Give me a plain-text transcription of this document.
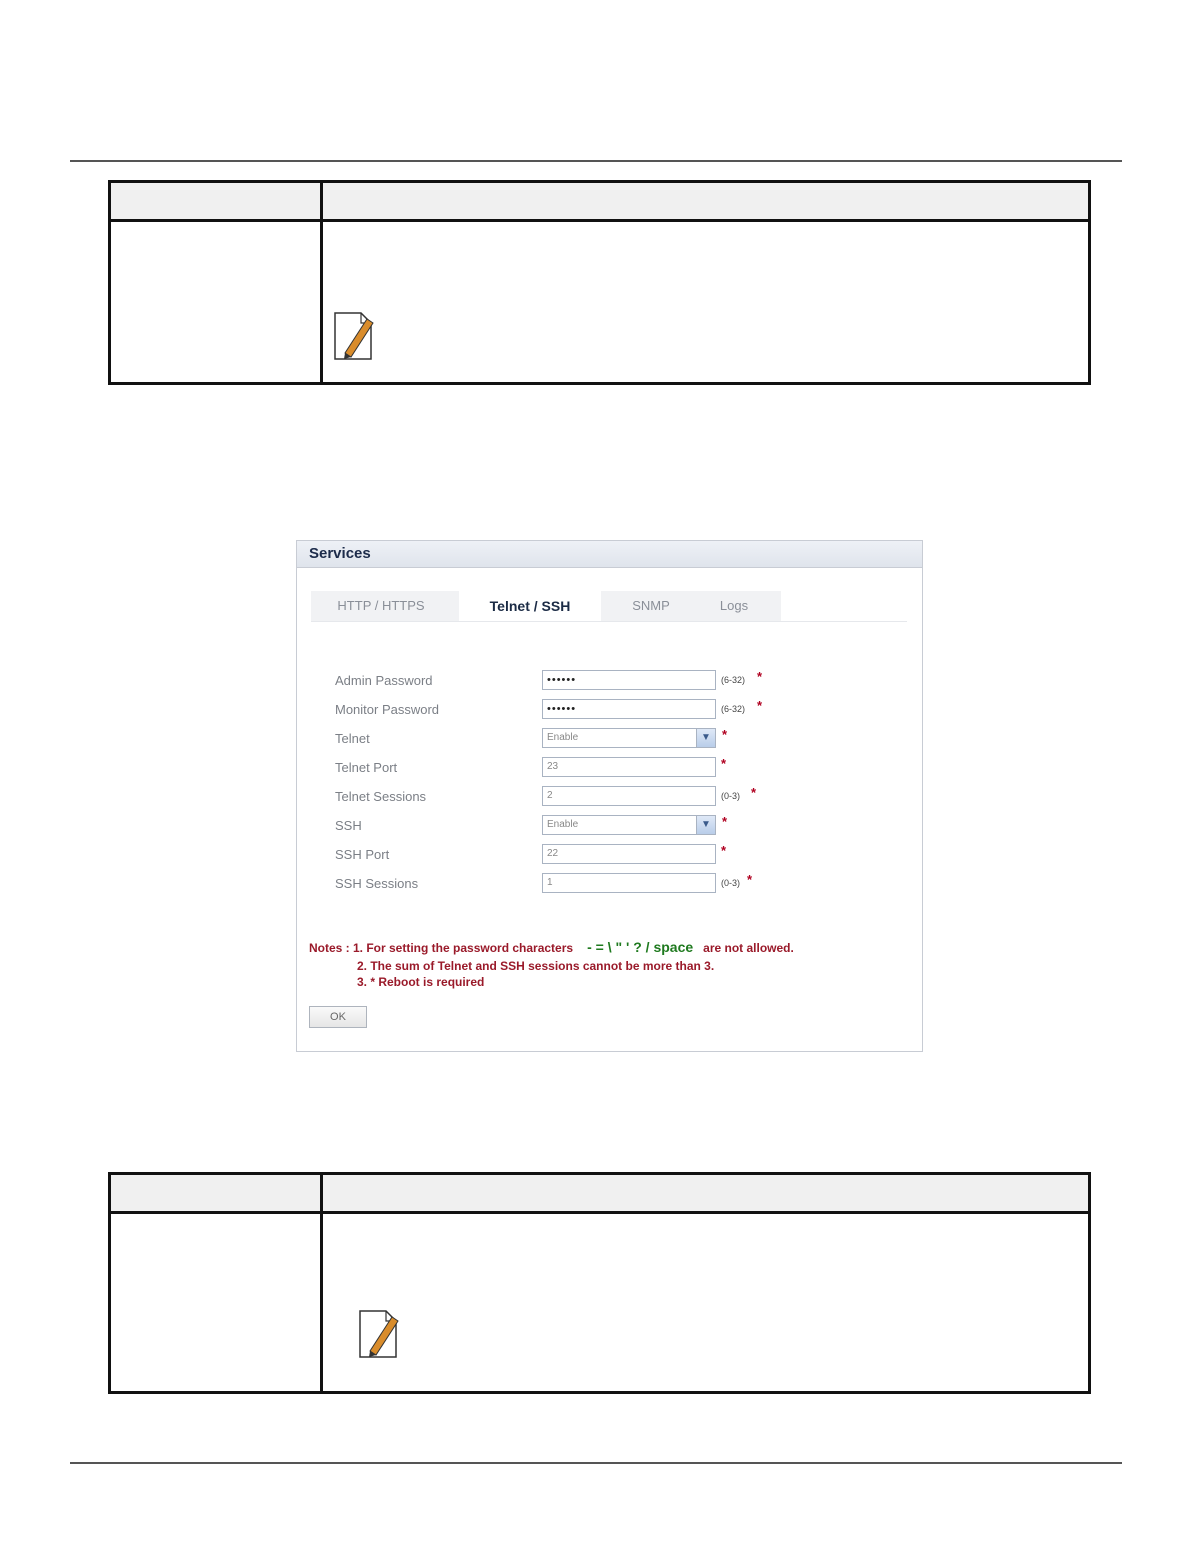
Services
HTTP / HTTPS	Telnet / SSH	SNMP	Logs
Admin Password	••••••	(6-32) *
Monitor Password	••••••	(6-32) *
Telnet	Enable	▼ *
Telnet Port	23	*
Telnet Sessions	2	(0-3) *
SSH	Enable	▼ *
SSH Port	22	*
SSH Sessions	1	(0-3) *
Notes : 1. For setting the password characters - = \ " ' ? / space are not allowed.
2. The sum of Telnet and SSH sessions cannot be more than 3.
3. * Reboot is required
OK
